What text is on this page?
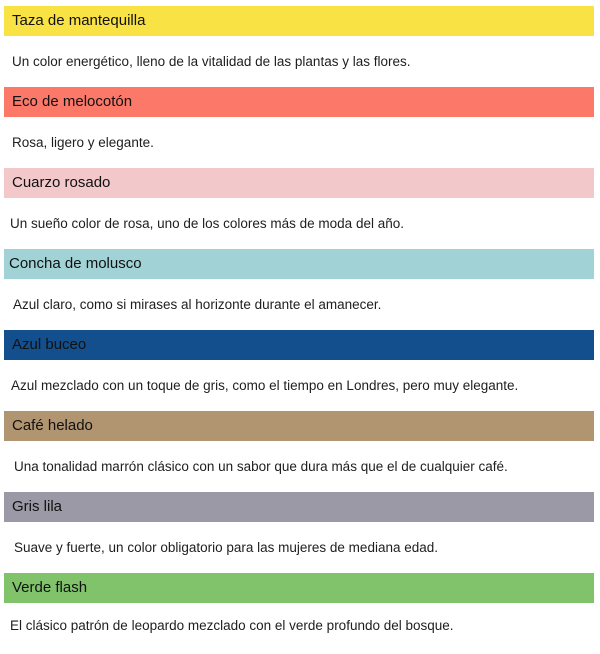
Taza de mantequilla
Un color energético, lleno de la vitalidad de las plantas y las flores.
Eco de melocotón
Rosa, ligero y elegante.
Cuarzo rosado
Un sueño color de rosa, uno de los colores más de moda del año.
Concha de molusco
Azul claro, como si mirases al horizonte durante el amanecer.
Azul buceo
Azul mezclado con un toque de gris, como el tiempo en Londres, pero muy elegante.
Café helado
Una tonalidad marrón clásico con un sabor que dura más que el de cualquier café.
Gris lila
Suave y fuerte, un color obligatorio para las mujeres de mediana edad.
Verde flash
El clásico patrón de leopardo mezclado con el verde profundo del bosque.
